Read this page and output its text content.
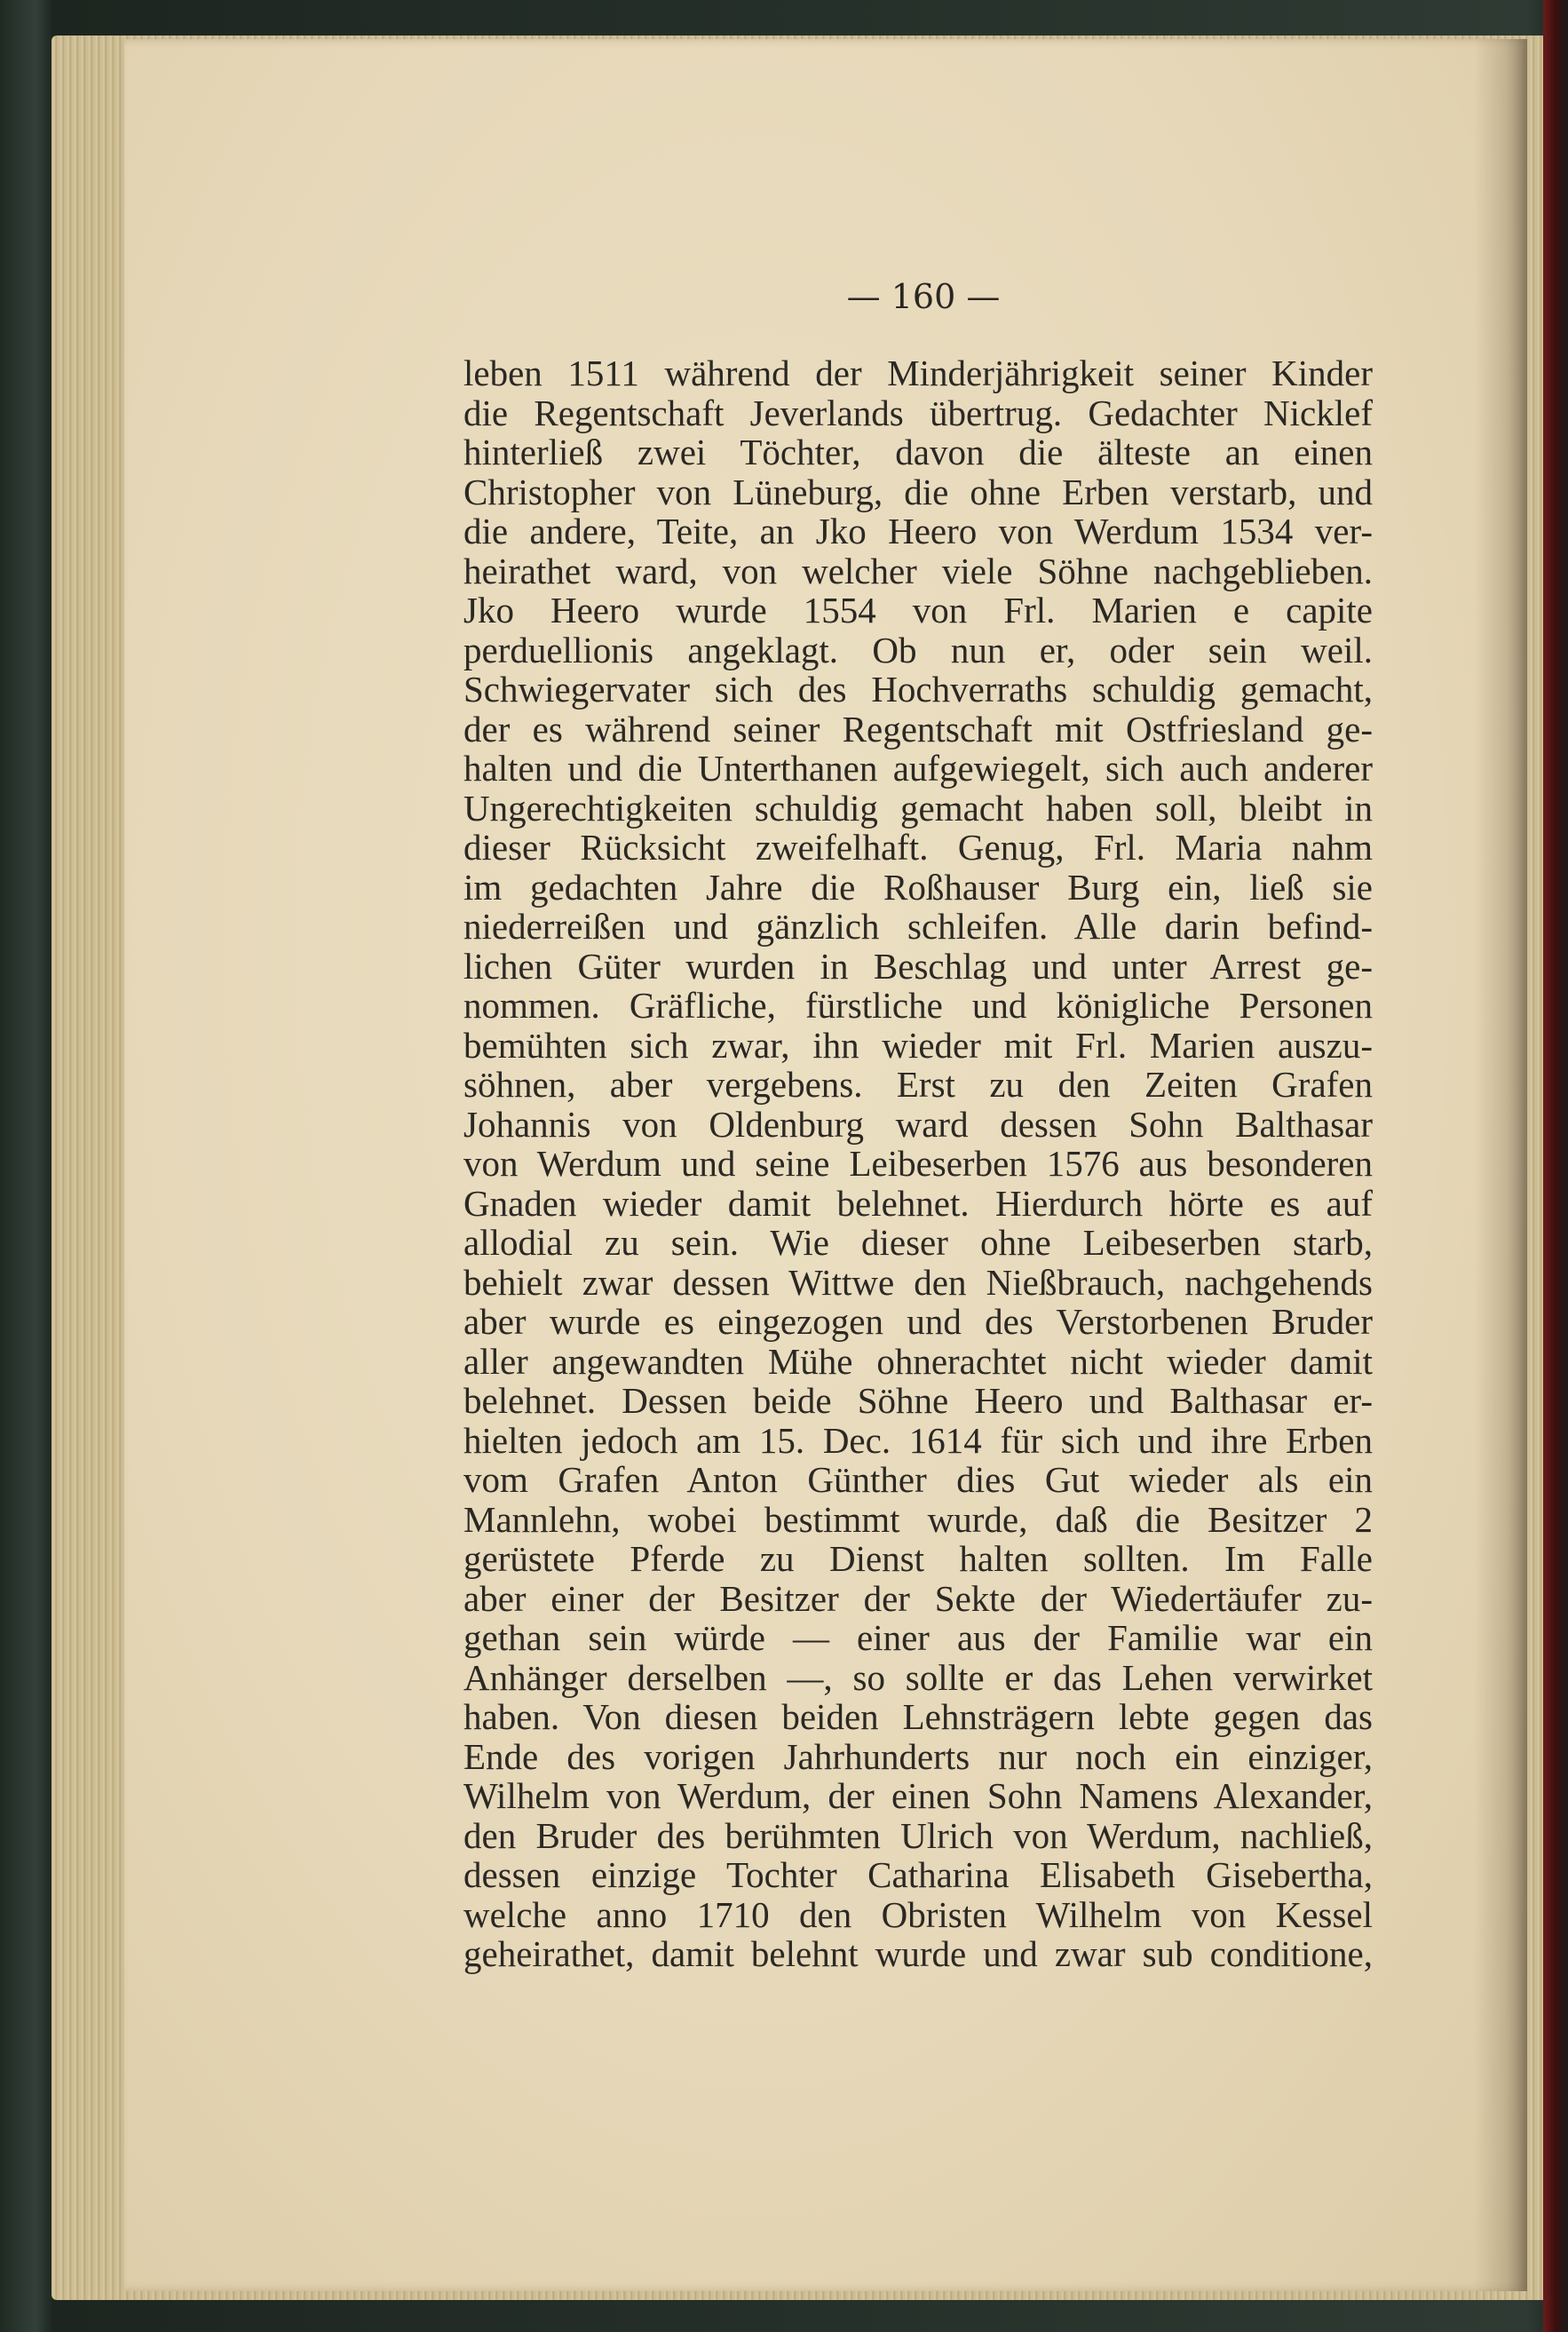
— 160 —
leben 1511 während der Minderjährigkeit seiner Kinder
die Regentschaft Jeverlands übertrug. Gedachter Nicklef
hinterließ zwei Töchter, davon die älteste an einen
Christopher von Lüneburg, die ohne Erben verstarb, und
die andere, Teite, an Jko Heero von Werdum 1534 ver-
heirathet ward, von welcher viele Söhne nachgeblieben.
Jko Heero wurde 1554 von Frl. Marien e capite
perduellionis angeklagt. Ob nun er, oder sein weil.
Schwiegervater sich des Hochverraths schuldig gemacht,
der es während seiner Regentschaft mit Ostfriesland ge-
halten und die Unterthanen aufgewiegelt, sich auch anderer
Ungerechtigkeiten schuldig gemacht haben soll, bleibt in
dieser Rücksicht zweifelhaft. Genug, Frl. Maria nahm
im gedachten Jahre die Roßhauser Burg ein, ließ sie
niederreißen und gänzlich schleifen. Alle darin befind-
lichen Güter wurden in Beschlag und unter Arrest ge-
nommen. Gräfliche, fürstliche und königliche Personen
bemühten sich zwar, ihn wieder mit Frl. Marien auszu-
söhnen, aber vergebens. Erst zu den Zeiten Grafen
Johannis von Oldenburg ward dessen Sohn Balthasar
von Werdum und seine Leibeserben 1576 aus besonderen
Gnaden wieder damit belehnet. Hierdurch hörte es auf
allodial zu sein. Wie dieser ohne Leibeserben starb,
behielt zwar dessen Wittwe den Nießbrauch, nachgehends
aber wurde es eingezogen und des Verstorbenen Bruder
aller angewandten Mühe ohnerachtet nicht wieder damit
belehnet. Dessen beide Söhne Heero und Balthasar er-
hielten jedoch am 15. Dec. 1614 für sich und ihre Erben
vom Grafen Anton Günther dies Gut wieder als ein
Mannlehn, wobei bestimmt wurde, daß die Besitzer 2
gerüstete Pferde zu Dienst halten sollten. Im Falle
aber einer der Besitzer der Sekte der Wiedertäufer zu-
gethan sein würde — einer aus der Familie war ein
Anhänger derselben —, so sollte er das Lehen verwirket
haben. Von diesen beiden Lehnsträgern lebte gegen das
Ende des vorigen Jahrhunderts nur noch ein einziger,
Wilhelm von Werdum, der einen Sohn Namens Alexander,
den Bruder des berühmten Ulrich von Werdum, nachließ,
dessen einzige Tochter Catharina Elisabeth Gisebertha,
welche anno 1710 den Obristen Wilhelm von Kessel
geheirathet, damit belehnt wurde und zwar sub conditione,
